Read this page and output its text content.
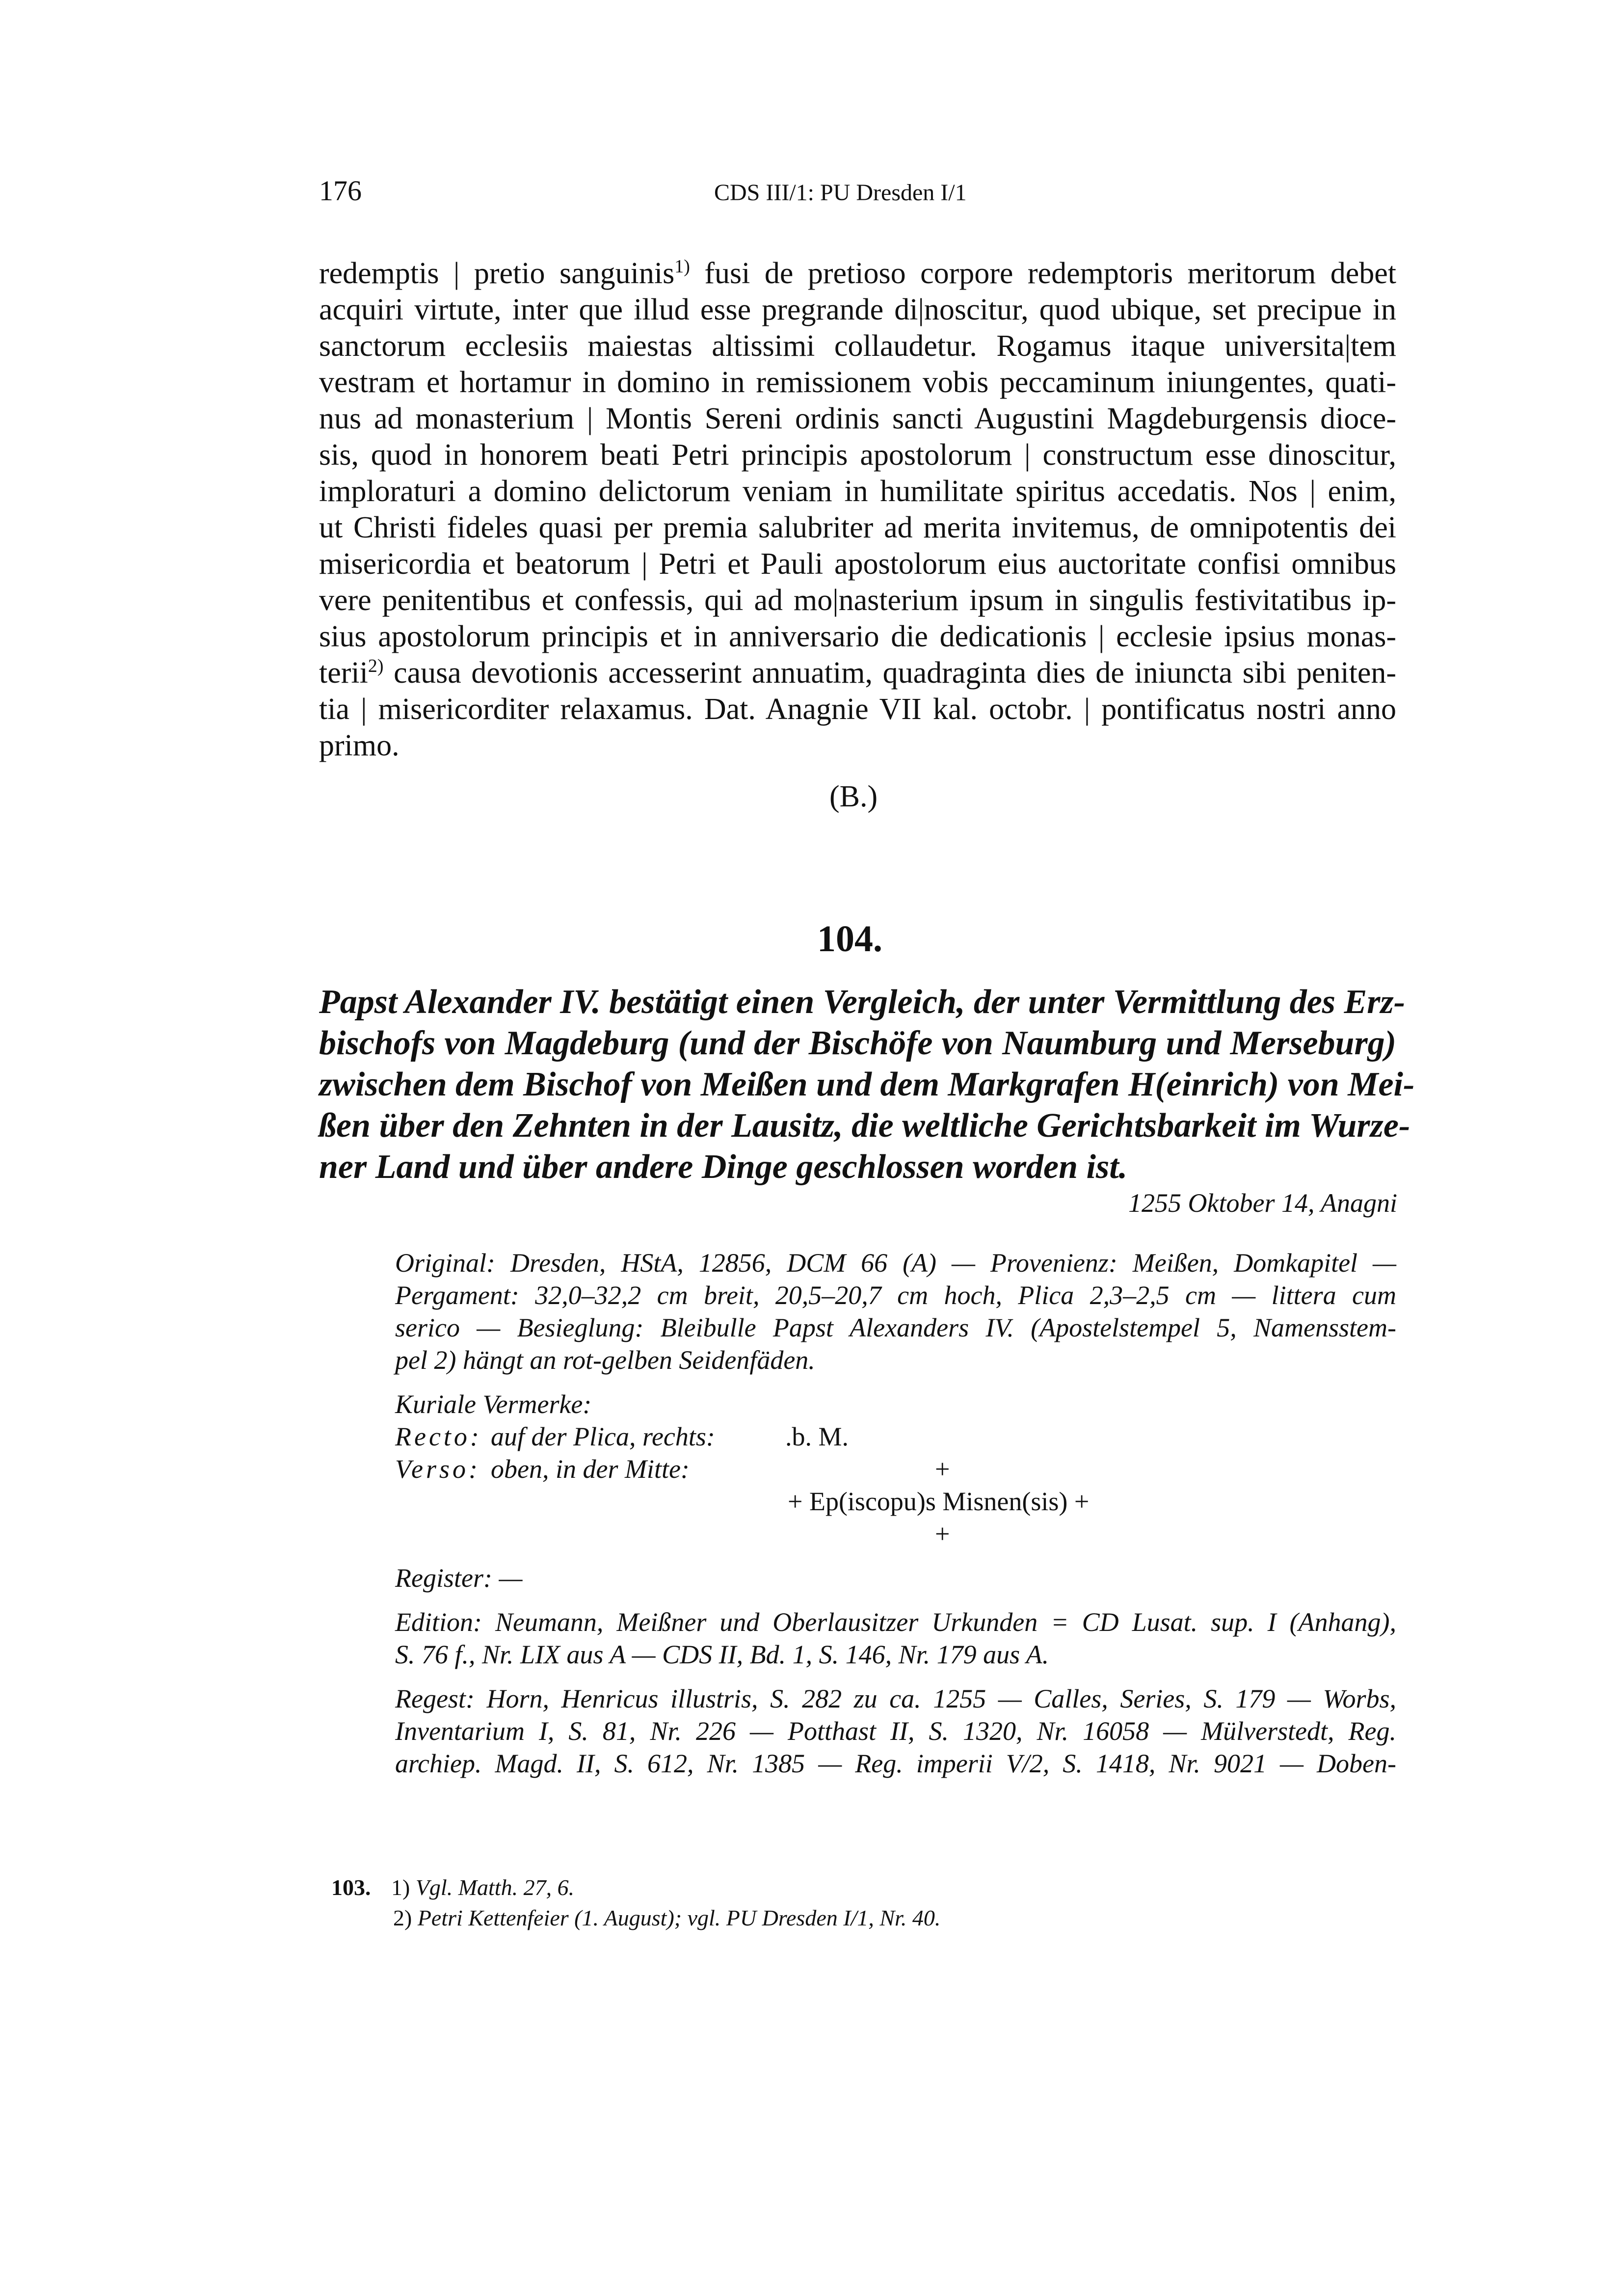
176	CDS III/1: PU Dresden I/1
redemptis | pretio sanguinis$^{1)}$ fusi de pretioso corpore redemptoris meritorum debet
acquiri virtute, inter que illud esse pregrande di|noscitur, quod ubique, set precipue in
sanctorum ecclesiis maiestas altissimi collaudetur. Rogamus itaque universita|tem
vestram et hortamur in domino in remissionem vobis peccaminum iniungentes, quati-
nus ad monasterium | Montis Sereni ordinis sancti Augustini Magdeburgensis dioce-
sis, quod in honorem beati Petri principis apostolorum | constructum esse dinoscitur,
imploraturi a domino delictorum veniam in humilitate spiritus accedatis. Nos | enim,
ut Christi fideles quasi per premia salubriter ad merita invitemus, de omnipotentis dei
misericordia et beatorum | Petri et Pauli apostolorum eius auctoritate confisi omnibus
vere penitentibus et confessis, qui ad mo|nasterium ipsum in singulis festivitatibus ip-
sius apostolorum principis et in anniversario die dedicationis | ecclesie ipsius monas-
terii$^{2)}$ causa devotionis accesserint annuatim, quadraginta dies de iniuncta sibi peniten-
tia | misericorditer relaxamus. Dat. Anagnie VII kal. octobr. | pontificatus nostri anno
primo.
(B.)
104.
Papst Alexander IV. bestätigt einen Vergleich, der unter Vermittlung des Erz-
bischofs von Magdeburg (und der Bischöfe von Naumburg und Merseburg)
zwischen dem Bischof von Meißen und dem Markgrafen H(einrich) von Mei-
ßen über den Zehnten in der Lausitz, die weltliche Gerichtsbarkeit im Wurze-
ner Land und über andere Dinge geschlossen worden ist.
1255 Oktober 14, Anagni
Original: Dresden, HStA, 12856, DCM 66 (A) — Provenienz: Meißen, Domkapitel —
Pergament: 32,0–32,2 cm breit, 20,5–20,7 cm hoch, Plica 2,3–2,5 cm — littera cum
serico — Besieglung: Bleibulle Papst Alexanders IV. (Apostelstempel 5, Namensstem-
pel 2) hängt an rot-gelben Seidenfäden.
Kuriale Vermerke:
Recto: auf der Plica, rechts:	.b. M.
Verso: oben, in der Mitte:	+
+ Ep(iscopu)s Misnen(sis) +
+
Register: —
Edition: Neumann, Meißner und Oberlausitzer Urkunden = CD Lusat. sup. I (Anhang),
S. 76 f., Nr. LIX aus A — CDS II, Bd. 1, S. 146, Nr. 179 aus A.
Regest: Horn, Henricus illustris, S. 282 zu ca. 1255 — Calles, Series, S. 179 — Worbs,
Inventarium I, S. 81, Nr. 226 — Potthast II, S. 1320, Nr. 16058 — Mülverstedt, Reg.
archiep. Magd. II, S. 612, Nr. 1385 — Reg. imperii V/2, S. 1418, Nr. 9021 — Doben-
103. 1) Vgl. Matth. 27, 6.
2) Petri Kettenfeier (1. August); vgl. PU Dresden I/1, Nr. 40.
